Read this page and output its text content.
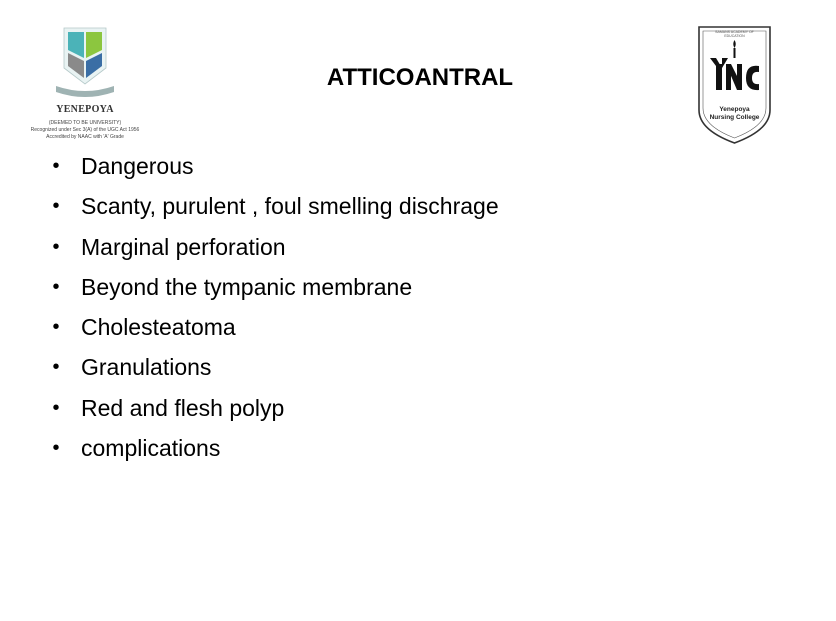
YENEPOYA
(DEEMED TO BE UNIVERSITY)
Recognized under Sec 3(A) of the UGC Act 1956
Accredited by NAAC with 'A' Grade
SAMANS ACADEMY OF EDUCATION
Yenepoya
Nursing College
ATTICOANTRAL
• Dangerous
• Scanty, purulent , foul smelling dischrage
• Marginal perforation
• Beyond the tympanic membrane
• Cholesteatoma
• Granulations
• Red and flesh polyp
• complications
